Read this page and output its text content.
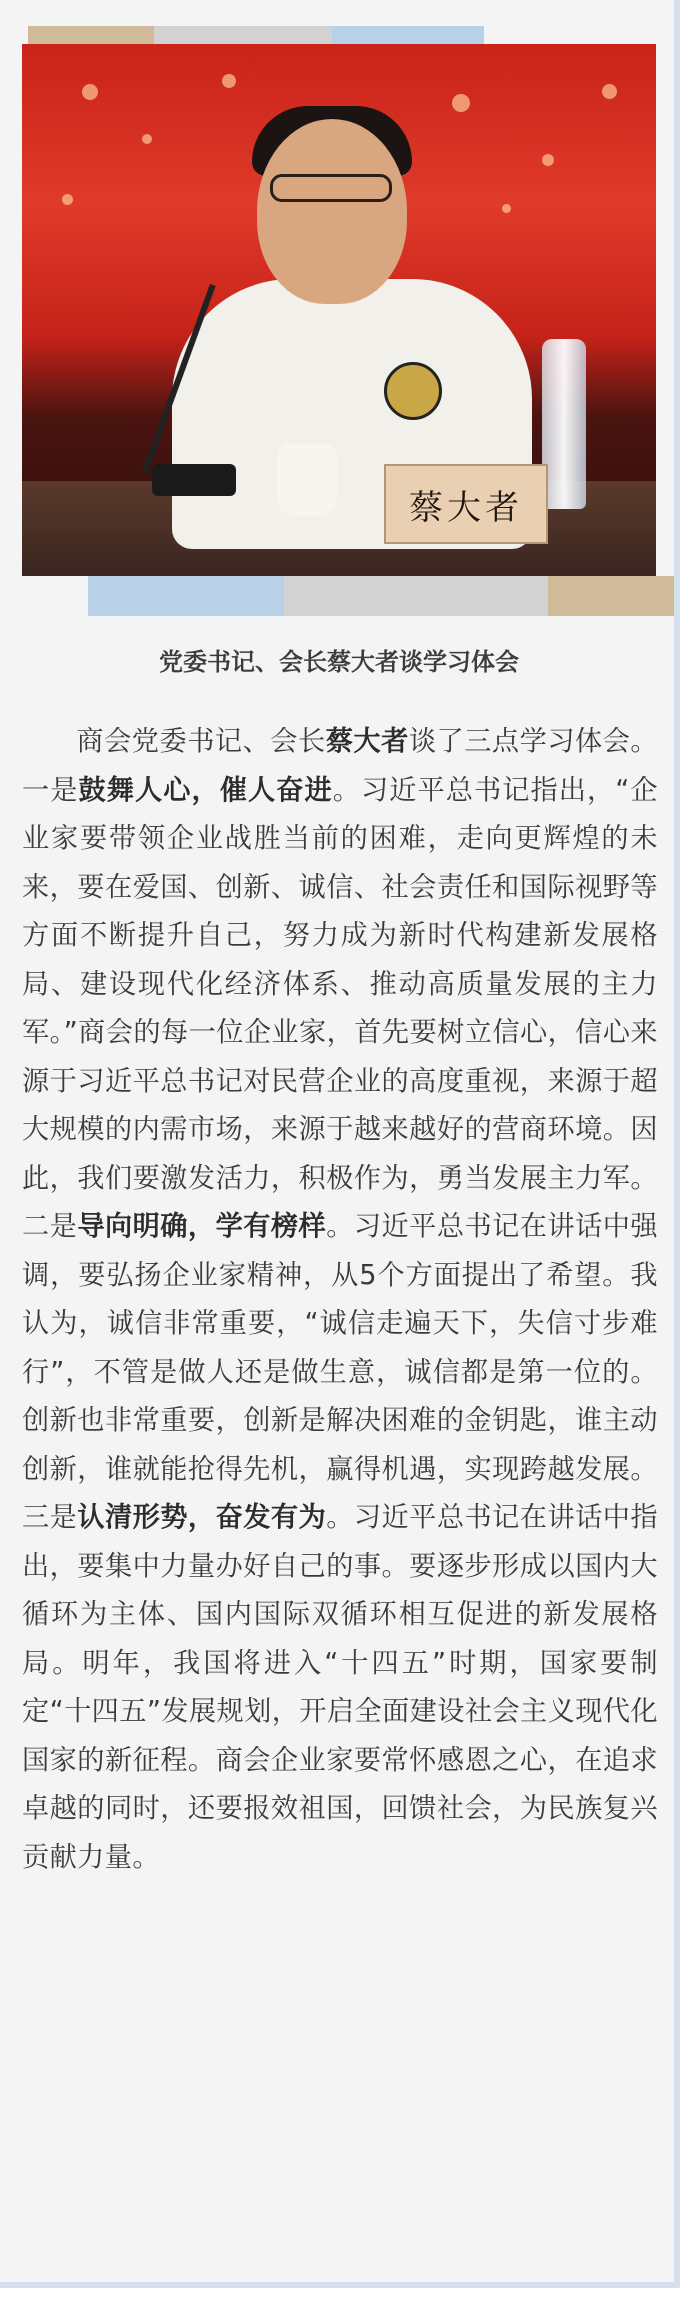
蔡大者
党委书记、会长蔡大者谈学习体会

商会党委书记、会长蔡大者谈了三点学习体会。一是鼓舞人心，催人奋进。习近平总书记指出，“企业家要带领企业战胜当前的困难，走向更辉煌的未来，要在爱国、创新、诚信、社会责任和国际视野等方面不断提升自己，努力成为新时代构建新发展格局、建设现代化经济体系、推动高质量发展的主力军。”商会的每一位企业家，首先要树立信心，信心来源于习近平总书记对民营企业的高度重视，来源于超大规模的内需市场，来源于越来越好的营商环境。因此，我们要激发活力，积极作为，勇当发展主力军。二是导向明确，学有榜样。习近平总书记在讲话中强调，要弘扬企业家精神，从5个方面提出了希望。我认为，诚信非常重要，“诚信走遍天下，失信寸步难行”，不管是做人还是做生意，诚信都是第一位的。创新也非常重要，创新是解决困难的金钥匙，谁主动创新，谁就能抢得先机，赢得机遇，实现跨越发展。三是认清形势，奋发有为。习近平总书记在讲话中指出，要集中力量办好自己的事。要逐步形成以国内大循环为主体、国内国际双循环相互促进的新发展格局。明年，我国将进入“十四五”时期，国家要制定“十四五”发展规划，开启全面建设社会主义现代化国家的新征程。商会企业家要常怀感恩之心，在追求卓越的同时，还要报效祖国，回馈社会，为民族复兴贡献力量。
